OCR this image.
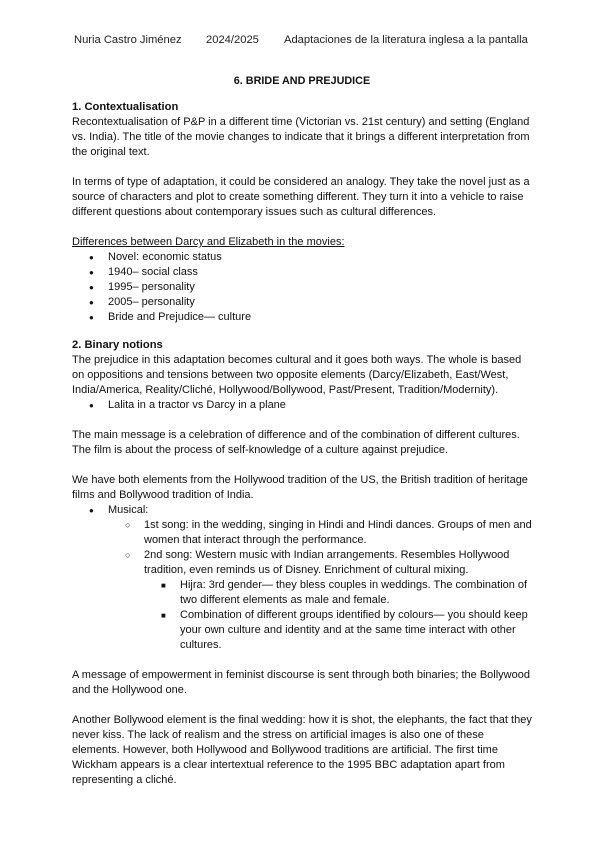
Nuria Castro Jiménez 2024/2025 Adaptaciones de la literatura inglesa a la pantalla
6. BRIDE AND PREJUDICE
1. Contextualisation

Recontextualisation of P&P in a different time (Victorian vs. 21st century) and setting (England vs. India). The title of the movie changes to indicate that it brings a different interpretation from the original text.

In terms of type of adaptation, it could be considered an analogy. They take the novel just as a source of characters and plot to create something different. They turn it into a vehicle to raise different questions about contemporary issues such as cultural differences.

Differences between Darcy and Elizabeth in the movies:

● Novel: economic status
● 1940– social class
● 1995– personality
● 2005– personality
● Bride and Prejudice— culture
2. Binary notions

The prejudice in this adaptation becomes cultural and it goes both ways. The whole is based on oppositions and tensions between two opposite elements (Darcy/Elizabeth, East/West, India/America, Reality/Cliché, Hollywood/Bollywood, Past/Present, Tradition/Modernity).

● Lalita in a tractor vs Darcy in a plane

The main message is a celebration of difference and of the combination of different cultures. The film is about the process of self-knowledge of a culture against prejudice.

We have both elements from the Hollywood tradition of the US, the British tradition of heritage films and Bollywood tradition of India.

● Musical:
○ 1st song: in the wedding, singing in Hindi and Hindi dances. Groups of men and women that interact through the performance.
○ 2nd song: Western music with Indian arrangements. Resembles Hollywood tradition, even reminds us of Disney. Enrichment of cultural mixing.
■ Hijra: 3rd gender— they bless couples in weddings. The combination of two different elements as male and female.
■ Combination of different groups identified by colours— you should keep your own culture and identity and at the same time interact with other cultures.

A message of empowerment in feminist discourse is sent through both binaries; the Bollywood and the Hollywood one.

Another Bollywood element is the final wedding: how it is shot, the elephants, the fact that they never kiss. The lack of realism and the stress on artificial images is also one of these elements. However, both Hollywood and Bollywood traditions are artificial. The first time Wickham appears is a clear intertextual reference to the 1995 BBC adaptation apart from representing a cliché.
